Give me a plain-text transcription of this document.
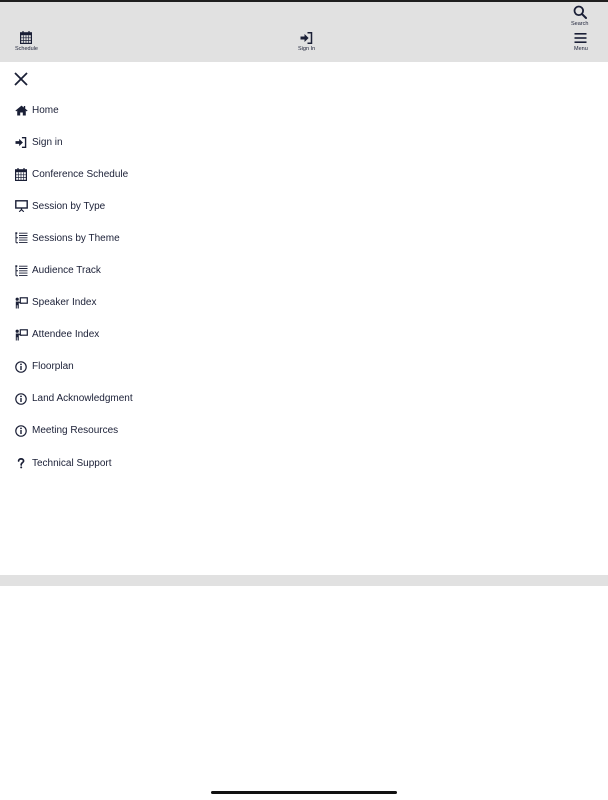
Search
Schedule	Sign In	Menu
Home
Sign in
Conference Schedule
Session by Type
Sessions by Theme
Audience Track
Speaker Index
Attendee Index
Floorplan
Land Acknowledgment
Meeting Resources
Technical Support
